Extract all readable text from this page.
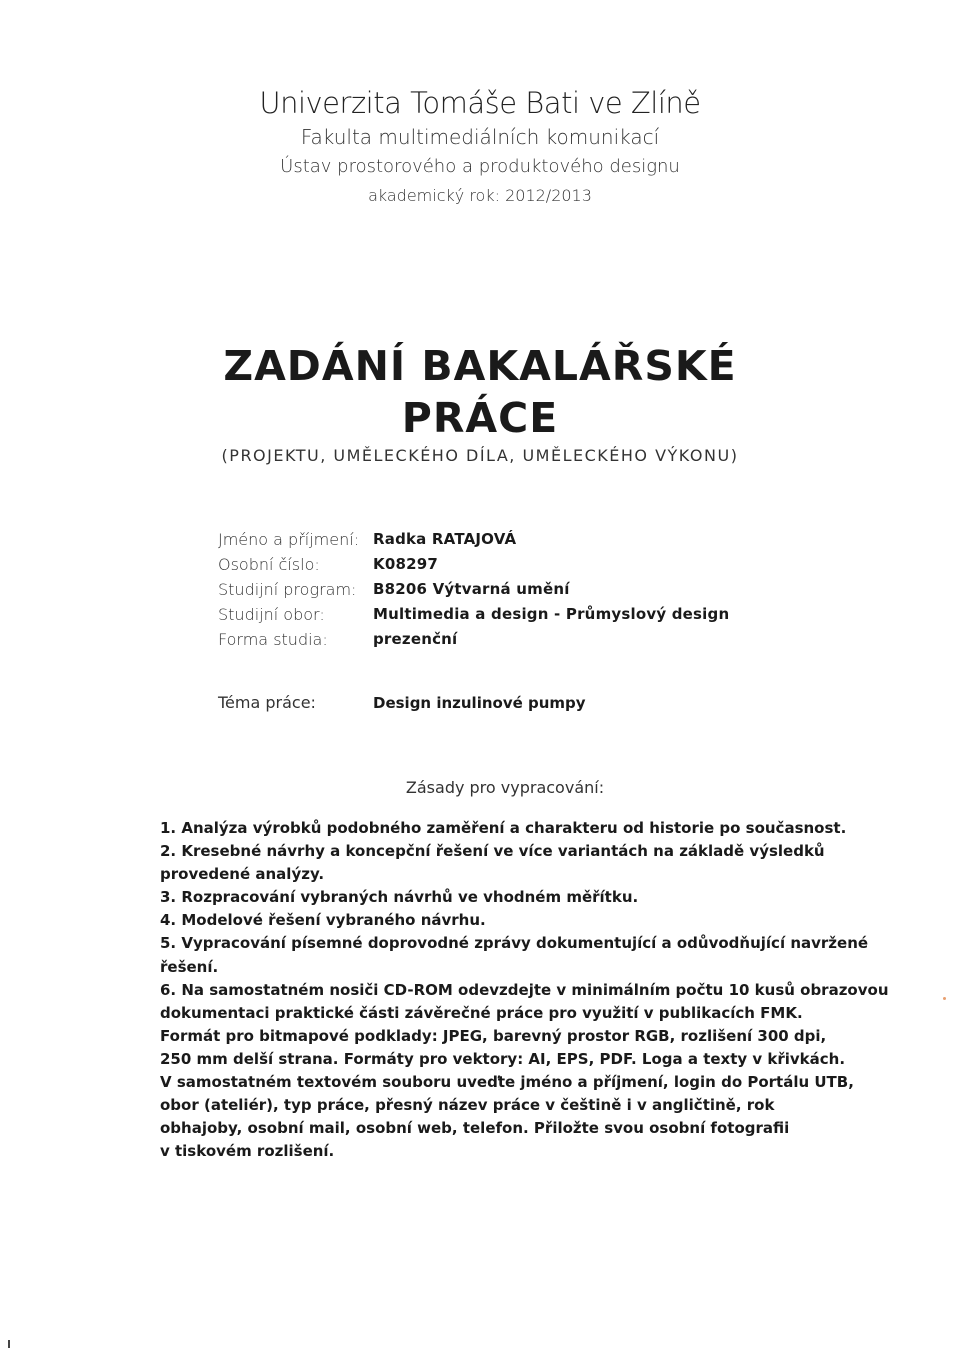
Univerzita Tomáše Bati ve Zlíně
Fakulta multimediálních komunikací
Ústav prostorového a produktového designu
akademický rok: 2012/2013
ZADÁNÍ BAKALÁŘSKÉ PRÁCE
(PROJEKTU, UMĚLECKÉHO DÍLA, UMĚLECKÉHO VÝKONU)
Jméno a příjmení: Radka RATAJOVÁ
Osobní číslo:	K08297
Studijní program:	B8206 Výtvarná umění
Studijní obor:	Multimedia a design - Průmyslový design
Forma studia:	prezenční
Téma práce:	Design inzulinové pumpy
Zásady pro vypracování:
1. Analýza výrobků podobného zaměření a charakteru od historie po současnost.
2. Kresebné návrhy a koncepční řešení ve více variantách na základě výsledků
provedené analýzy.
3. Rozpracování vybraných návrhů ve vhodném měřítku.
4. Modelové řešení vybraného návrhu.
5. Vypracování písemné doprovodné zprávy dokumentující a odůvodňující navržené
řešení.
6. Na samostatném nosiči CD-ROM odevzdejte v minimálním počtu 10 kusů obrazovou
dokumentaci praktické části závěrečné práce pro využití v publikacích FMK.
Formát pro bitmapové podklady: JPEG, barevný prostor RGB, rozlišení 300 dpi,
250 mm delší strana. Formáty pro vektory: AI, EPS, PDF. Loga a texty v křivkách.
V samostatném textovém souboru uveďte jméno a příjmení, login do Portálu UTB,
obor (ateliér), typ práce, přesný název práce v češtině i v angličtině, rok
obhajoby, osobní mail, osobní web, telefon. Přiložte svou osobní fotografii
v tiskovém rozlišení.
